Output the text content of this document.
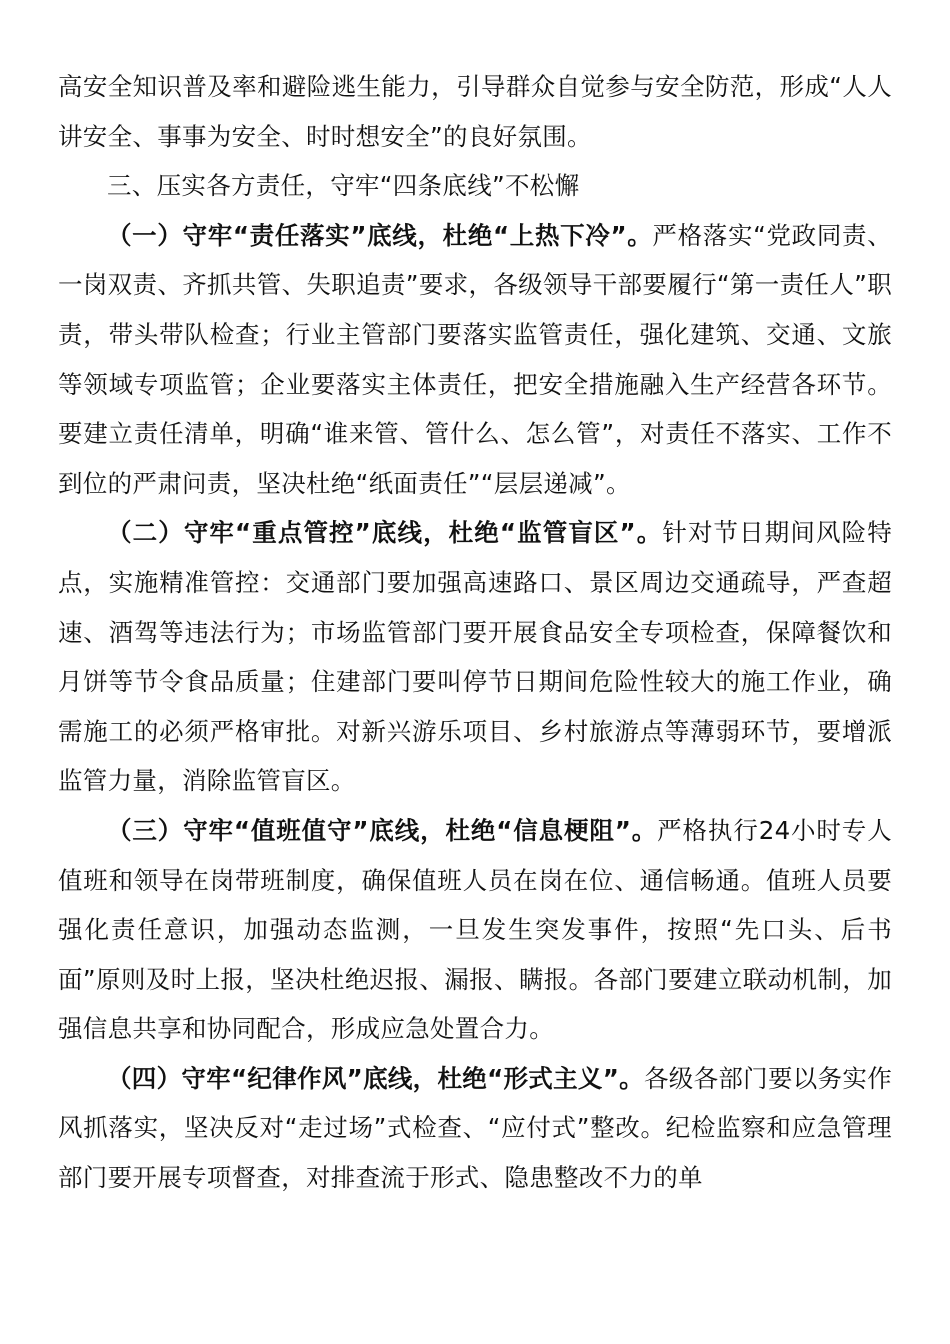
高安全知识普及率和避险逃生能力，引导群众自觉参与安全防范，形成“人人讲安全、事事为安全、时时想安全”的良好氛围。

三、压实各方责任，守牢“四条底线”不松懈

（一）守牢“责任落实”底线，杜绝“上热下冷”。严格落实“党政同责、一岗双责、齐抓共管、失职追责”要求，各级领导干部要履行“第一责任人”职责，带头带队检查；行业主管部门要落实监管责任，强化建筑、交通、文旅等领域专项监管；企业要落实主体责任，把安全措施融入生产经营各环节。要建立责任清单，明确“谁来管、管什么、怎么管”，对责任不落实、工作不到位的严肃问责，坚决杜绝“纸面责任”“层层递减”。

（二）守牢“重点管控”底线，杜绝“监管盲区”。针对节日期间风险特点，实施精准管控：交通部门要加强高速路口、景区周边交通疏导，严查超速、酒驾等违法行为；市场监管部门要开展食品安全专项检查，保障餐饮和月饼等节令食品质量；住建部门要叫停节日期间危险性较大的施工作业，确需施工的必须严格审批。对新兴游乐项目、乡村旅游点等薄弱环节，要增派监管力量，消除监管盲区。

（三）守牢“值班值守”底线，杜绝“信息梗阻”。严格执行24小时专人值班和领导在岗带班制度，确保值班人员在岗在位、通信畅通。值班人员要强化责任意识，加强动态监测，一旦发生突发事件，按照“先口头、后书面”原则及时上报，坚决杜绝迟报、漏报、瞒报。各部门要建立联动机制，加强信息共享和协同配合，形成应急处置合力。

（四）守牢“纪律作风”底线，杜绝“形式主义”。各级各部门要以务实作风抓落实，坚决反对“走过场”式检查、“应付式”整改。纪检监察和应急管理部门要开展专项督查，对排查流于形式、隐患整改不力的单
